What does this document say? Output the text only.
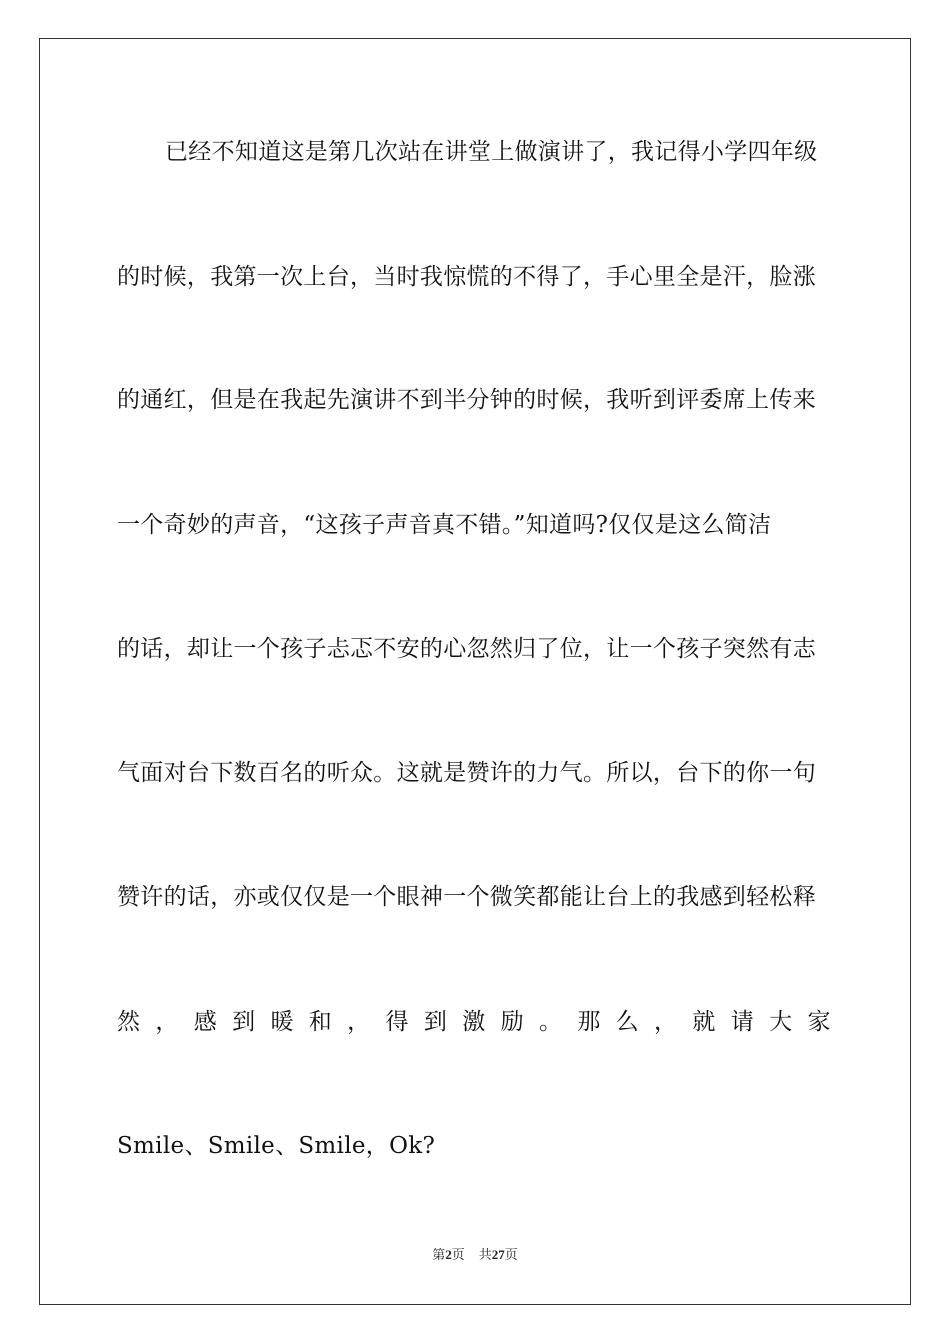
已经不知道这是第几次站在讲堂上做演讲了，我记得小学四年级
的时候，我第一次上台，当时我惊慌的不得了，手心里全是汗，脸涨
的通红，但是在我起先演讲不到半分钟的时候，我听到评委席上传来
一个奇妙的声音，“这孩子声音真不错。”知道吗?仅仅是这么简洁
的话，却让一个孩子忐忑不安的心忽然归了位，让一个孩子突然有志
气面对台下数百名的听众。这就是赞许的力气。所以，台下的你一句
赞许的话，亦或仅仅是一个眼神一个微笑都能让台上的我感到轻松释
然 ， 感 到 暖 和 ， 得 到 激 励 。 那 么 ， 就 请 大 家
Smile、Smile、Smile，Ok?
第2页 共27页
